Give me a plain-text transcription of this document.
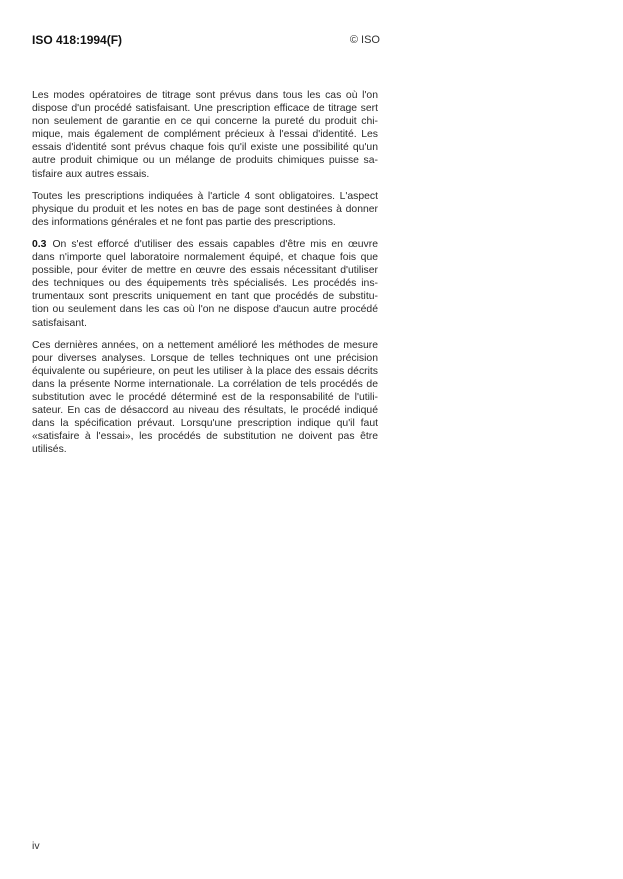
ISO 418:1994(F)	© ISO

Les modes opératoires de titrage sont prévus dans tous les cas où l'on
dispose d'un procédé satisfaisant. Une prescription efficace de titrage sert
non seulement de garantie en ce qui concerne la pureté du produit chi-
mique, mais également de complément précieux à l'essai d'identité. Les
essais d'identité sont prévus chaque fois qu'il existe une possibilité qu'un
autre produit chimique ou un mélange de produits chimiques puisse sa-
tisfaire aux autres essais.

Toutes les prescriptions indiquées à l'article 4 sont obligatoires. L'aspect
physique du produit et les notes en bas de page sont destinées à donner
des informations générales et ne font pas partie des prescriptions.

0.3 On s'est efforcé d'utiliser des essais capables d'être mis en œuvre
dans n'importe quel laboratoire normalement équipé, et chaque fois que
possible, pour éviter de mettre en œuvre des essais nécessitant d'utiliser
des techniques ou des équipements très spécialisés. Les procédés ins-
trumentaux sont prescrits uniquement en tant que procédés de substitu-
tion ou seulement dans les cas où l'on ne dispose d'aucun autre procédé
satisfaisant.

Ces dernières années, on a nettement amélioré les méthodes de mesure
pour diverses analyses. Lorsque de telles techniques ont une précision
équivalente ou supérieure, on peut les utiliser à la place des essais décrits
dans la présente Norme internationale. La corrélation de tels procédés de
substitution avec le procédé déterminé est de la responsabilité de l'utili-
sateur. En cas de désaccord au niveau des résultats, le procédé indiqué
dans la spécification prévaut. Lorsqu'une prescription indique qu'il faut
«satisfaire à l'essai», les procédés de substitution ne doivent pas être
utilisés.

iv
